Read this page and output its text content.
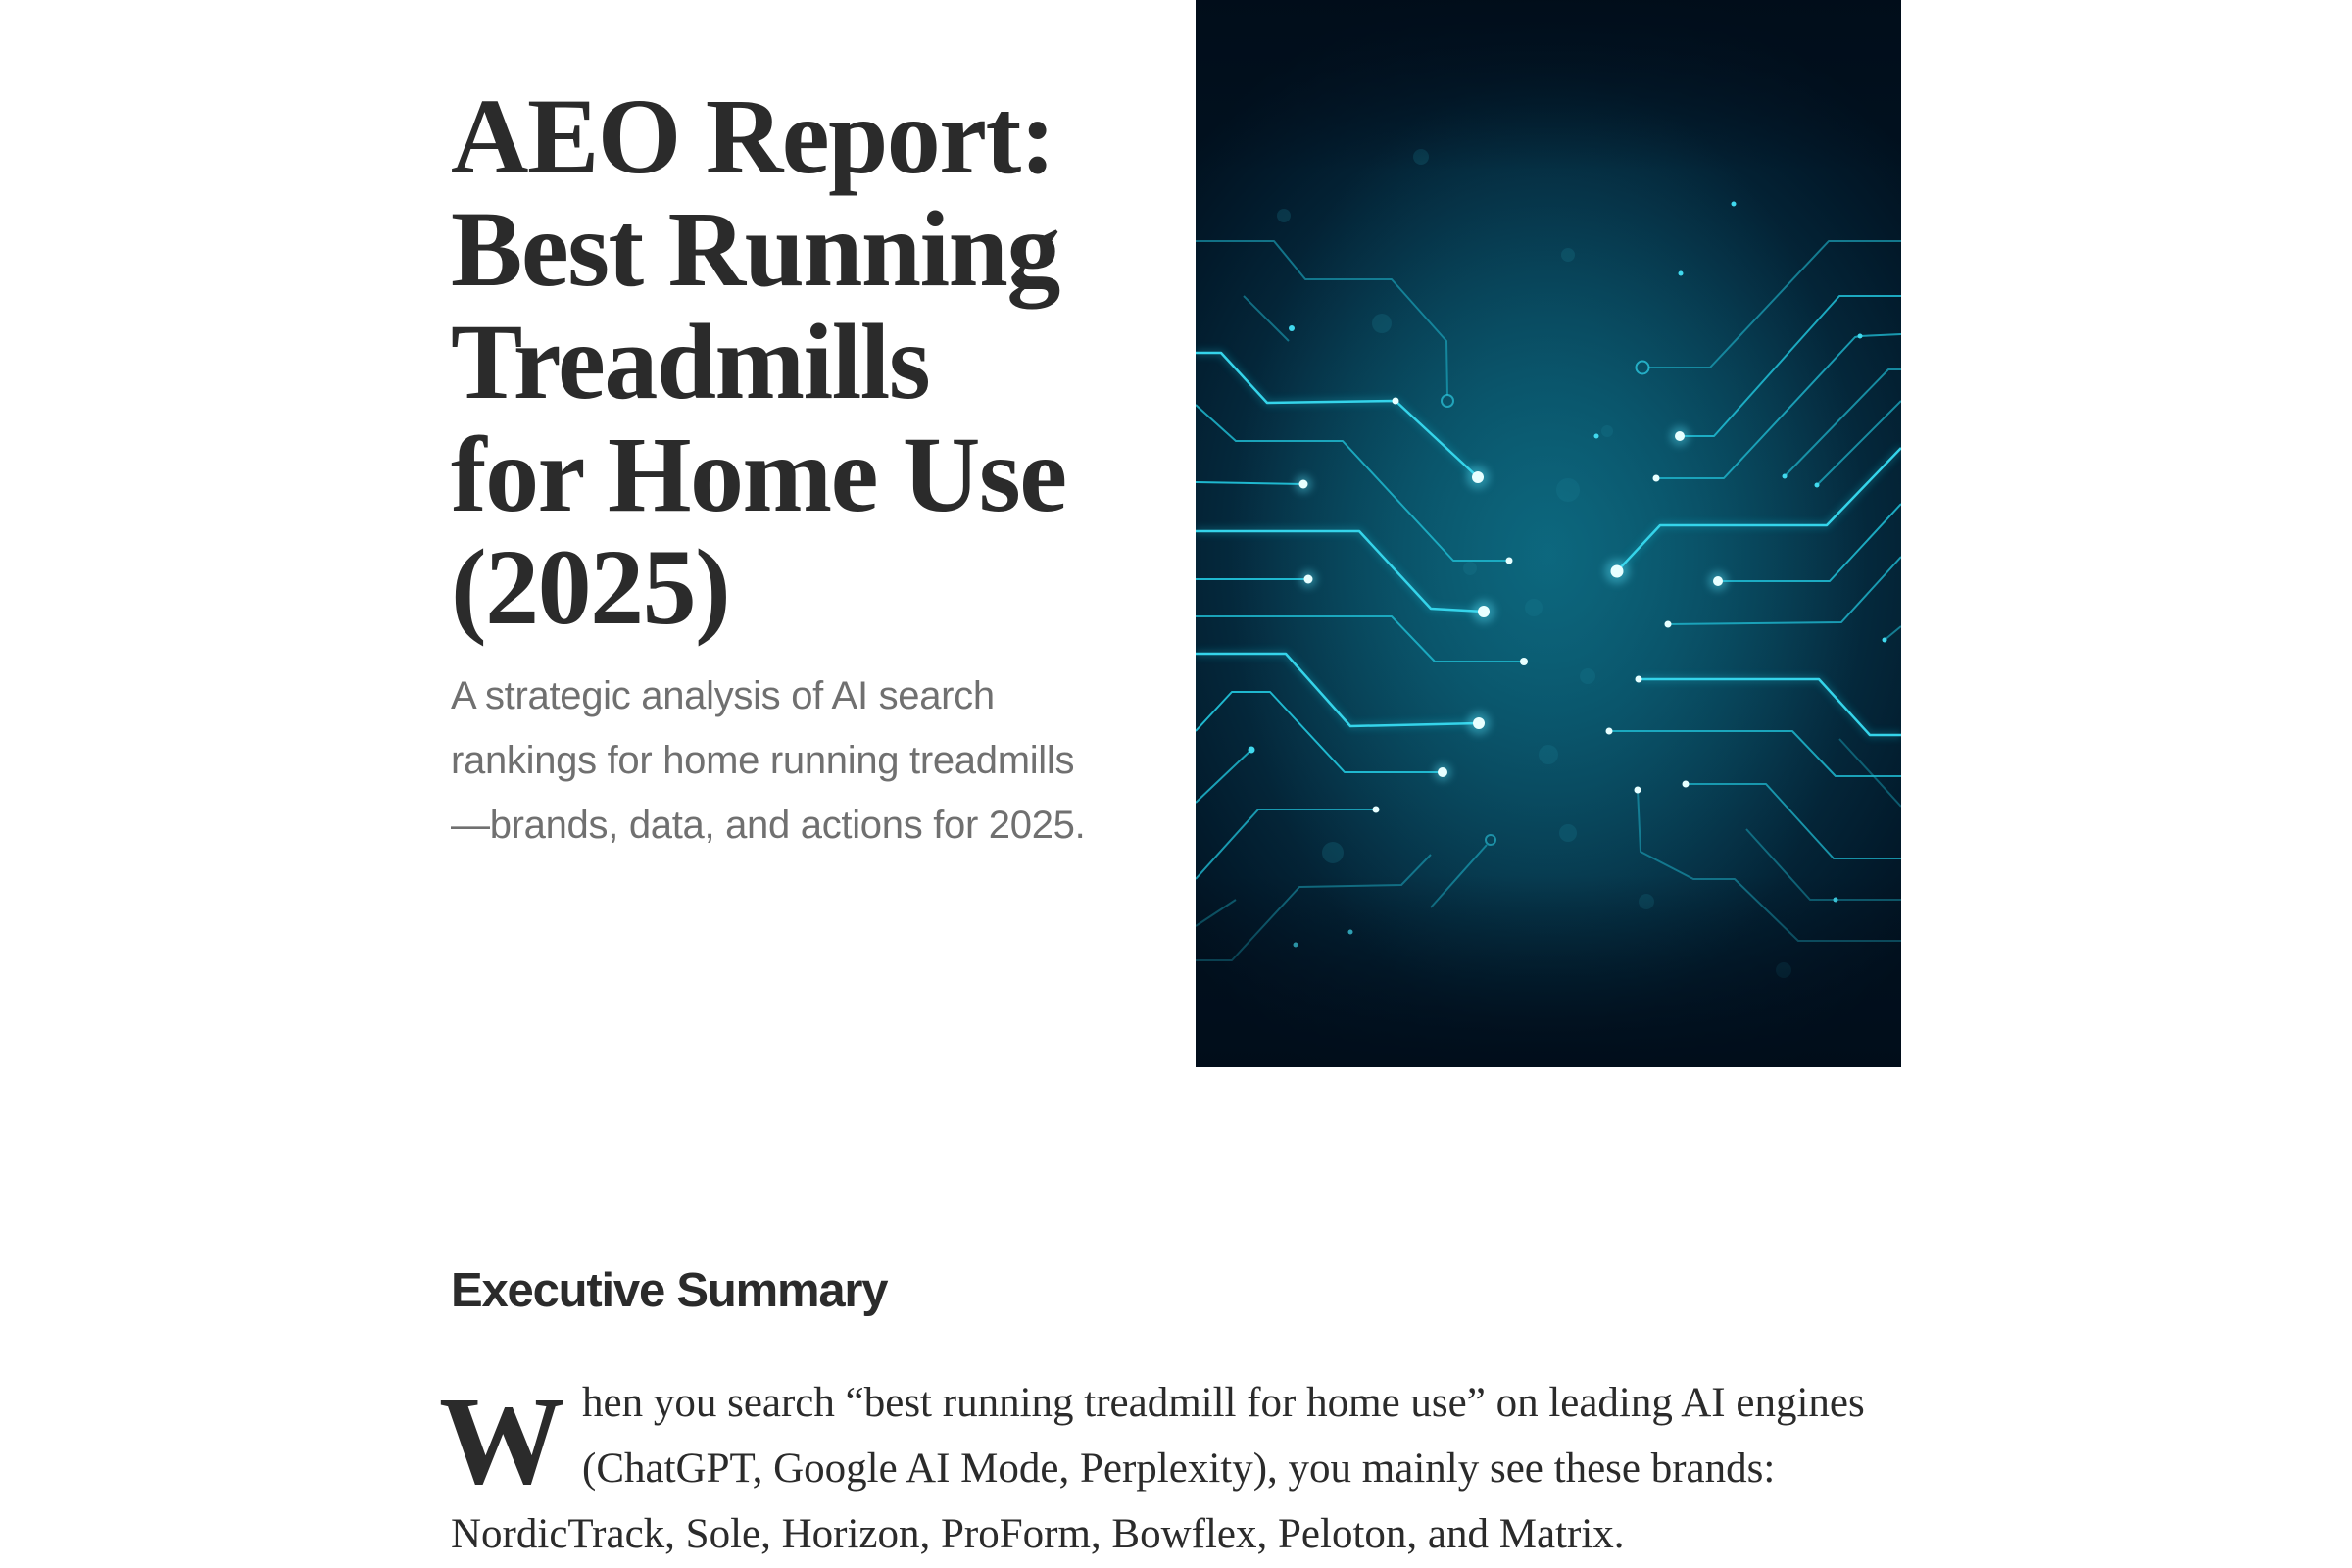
AEO Report:
Best Running
Treadmills
for Home Use
(2025)

A strategic analysis of AI search rankings for home running treadmills—brands, data, and actions for 2025.

Executive Summary

When you search “best running treadmill for home use” on leading AI engines (ChatGPT, Google AI Mode, Perplexity), you mainly see these brands: NordicTrack, Sole, Horizon, ProForm, Bowflex, Peloton, and Matrix.
